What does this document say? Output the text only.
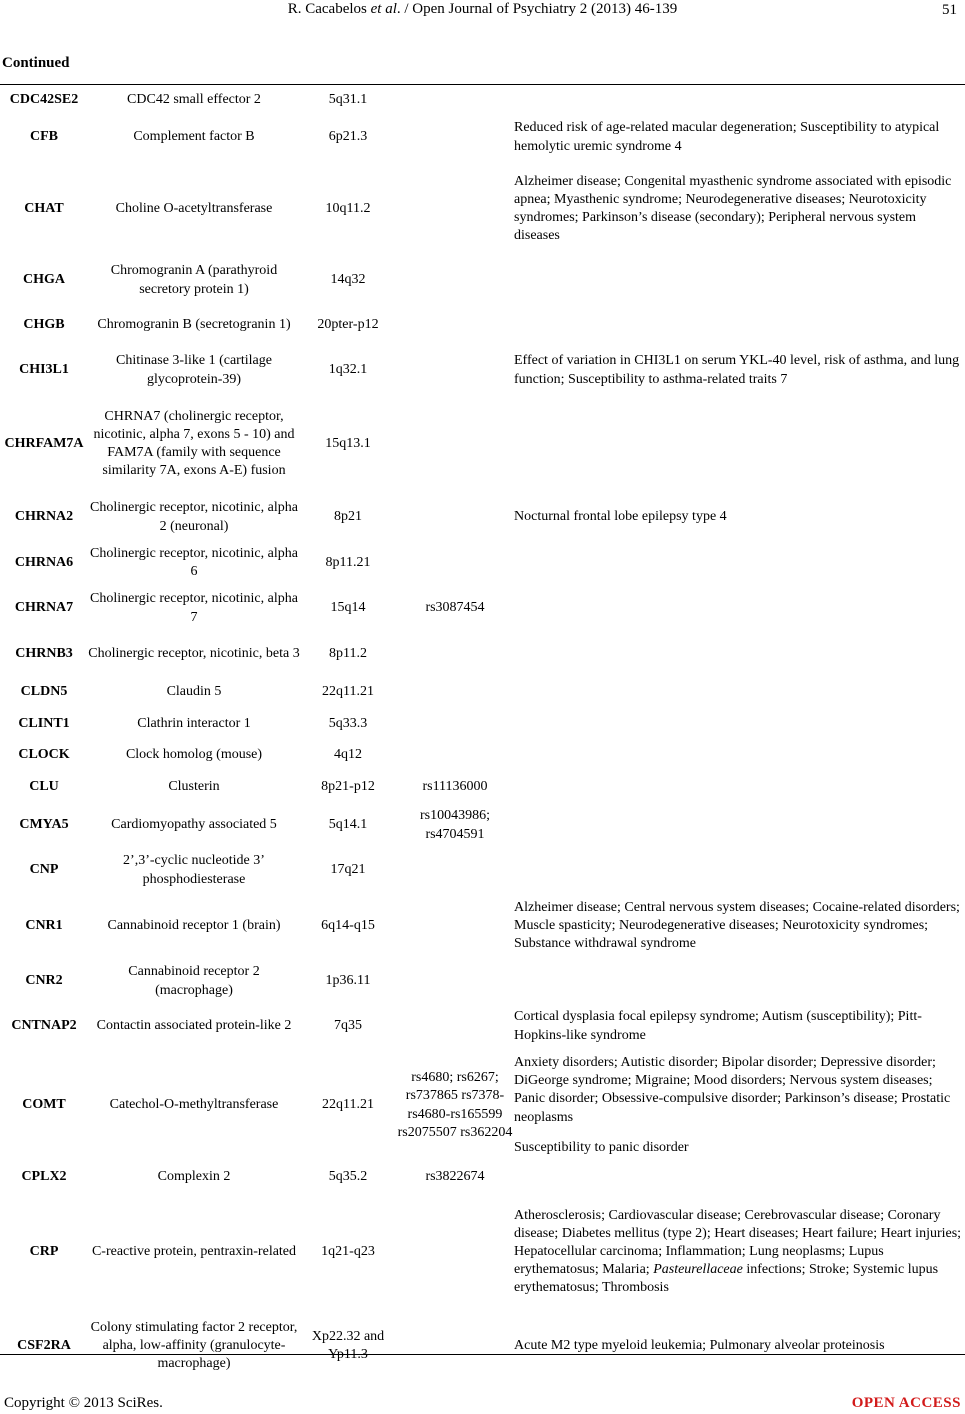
R. Cacabelos et al. / Open Journal of Psychiatry 2 (2013) 46-139	51
Continued
CDC42SE2	CDC42 small effector 2	5q31.1		

CFB	Complement factor B	6p21.3		Reduced risk of age-related macular degeneration; Susceptibility to atypical hemolytic uremic syndrome 4

CHAT	Choline O-acetyltransferase	10q11.2		Alzheimer disease; Congenital myasthenic syndrome associated with episodic apnea; Myasthenic syndrome; Neurodegenerative diseases; Neurotoxicity syndromes; Parkinson’s disease (secondary); Peripheral nervous system diseases

CHGA	Chromogranin A (parathyroid secretory protein 1)	14q32		

CHGB	Chromogranin B (secretogranin 1)	20pter-p12		

CHI3L1	Chitinase 3-like 1 (cartilage glycoprotein-39)	1q32.1		Effect of variation in CHI3L1 on serum YKL-40 level, risk of asthma, and lung function; Susceptibility to asthma-related traits 7

CHRFAM7A	CHRNA7 (cholinergic receptor, nicotinic, alpha 7, exons 5 - 10) and FAM7A (family with sequence similarity 7A, exons A-E) fusion	15q13.1		

CHRNA2	Cholinergic receptor, nicotinic, alpha 2 (neuronal)	8p21		Nocturnal frontal lobe epilepsy type 4

CHRNA6	Cholinergic receptor, nicotinic, alpha 6	8p11.21		

CHRNA7	Cholinergic receptor, nicotinic, alpha 7	15q14	rs3087454	

CHRNB3	Cholinergic receptor, nicotinic, beta 3	8p11.2		

CLDN5	Claudin 5	22q11.21		

CLINT1	Clathrin interactor 1	5q33.3		

CLOCK	Clock homolog (mouse)	4q12		

CLU	Clusterin	8p21-p12	rs11136000	

CMYA5	Cardiomyopathy associated 5	5q14.1	rs10043986; rs4704591	

CNP	2’,3’-cyclic nucleotide 3’ phosphodiesterase	17q21		

CNR1	Cannabinoid receptor 1 (brain)	6q14-q15		Alzheimer disease; Central nervous system diseases; Cocaine-related disorders; Muscle spasticity; Neurodegenerative diseases; Neurotoxicity syndromes; Substance withdrawal syndrome

CNR2	Cannabinoid receptor 2 (macrophage)	1p36.11		

CNTNAP2	Contactin associated protein-like 2	7q35		Cortical dysplasia focal epilepsy syndrome; Autism (susceptibility); Pitt-Hopkins-like syndrome

COMT	Catechol-O-methyltransferase	22q11.21	rs4680; rs6267; rs737865 rs7378-rs4680-rs165599 rs2075507 rs362204	Anxiety disorders; Autistic disorder; Bipolar disorder; Depressive disorder; DiGeorge syndrome; Migraine; Mood disorders; Nervous system diseases; Panic disorder; Obsessive-compulsive disorder; Parkinson’s disease; Prostatic neoplasms
Susceptibility to panic disorder

CPLX2	Complexin 2	5q35.2	rs3822674	

CRP	C-reactive protein, pentraxin-related	1q21-q23		Atherosclerosis; Cardiovascular disease; Cerebrovascular disease; Coronary disease; Diabetes mellitus (type 2); Heart diseases; Heart failure; Heart injuries; Hepatocellular carcinoma; Inflammation; Lung neoplasms; Lupus erythematosus; Malaria; Pasteurellaceae infections; Stroke; Systemic lupus erythematosus; Thrombosis

CSF2RA	Colony stimulating factor 2 receptor, alpha, low-affinity (granulocyte-macrophage)	Xp22.32 and Yp11.3		Acute M2 type myeloid leukemia; Pulmonary alveolar proteinosis
Copyright © 2013 SciRes.	OPEN ACCESS
